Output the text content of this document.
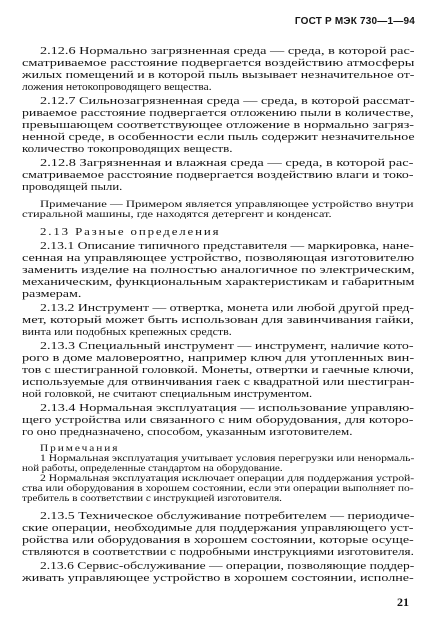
ГОСТ Р МЭК 730—1—94
2.12.6 Нормально загрязненная среда — среда, в которой рас-
сматриваемое расстояние подвергается воздействию атмосферы
жилых помещений и в которой пыль вызывает незначительное от-
ложения нетокопроводящего вещества.
2.12.7 Сильнозагрязненная среда — среда, в которой рассмат-
риваемое расстояние подвергается отложению пыли в количестве,
превышающем соответствующее отложение в нормально загряз-
ненной среде, в особенности если пыль содержит незначительное
количество токопроводящих веществ.
2.12.8 Загрязненная и влажная среда — среда, в которой рас-
сматриваемое расстояние подвергается воздействию влаги и токо-
проводящей пыли.
Примечание — Примером является управляющее устройство внутри
стиральной машины, где находятся детергент и конденсат.
2.13 Разные определения
2.13.1 Описание типичного представителя — маркировка, нане-
сенная на управляющее устройство, позволяющая изготовителю
заменить изделие на полностью аналогичное по электрическим,
механическим, функциональным характеристикам и габаритным
размерам.
2.13.2 Инструмент — отвертка, монета или любой другой пред-
мет, который может быть использован для завинчивания гайки,
винта или подобных крепежных средств.
2.13.3 Специальный инструмент — инструмент, наличие кото-
рого в доме маловероятно, например ключ для утопленных вин-
тов с шестигранной головкой. Монеты, отвертки и гаечные ключи,
используемые для отвинчивания гаек с квадратной или шестигран-
ной головкой, не считают специальным инструментом.
2.13.4 Нормальная эксплуатация — использование управляю-
щего устройства или связанного с ним оборудования, для которо-
го оно предназначено, способом, указанным изготовителем.
Примечания
1 Нормальная эксплуатация учитывает условия перегрузки или ненормаль-
ной работы, определенные стандартом на оборудование.
2 Нормальная эксплуатация исключает операции для поддержания устрой-
ства или оборудования в хорошем состоянии, если эти операции выполняет по-
требитель в соответствии с инструкцией изготовителя.
2.13.5 Техническое обслуживание потребителем — периодиче-
ские операции, необходимые для поддержания управляющего уст-
ройства или оборудования в хорошем состоянии, которые осуще-
ствляются в соответствии с подробными инструкциями изготовителя.
2.13.6 Сервис-обслуживание — операции, позволяющие поддер-
живать управляющее устройство в хорошем состоянии, исполне-
21
